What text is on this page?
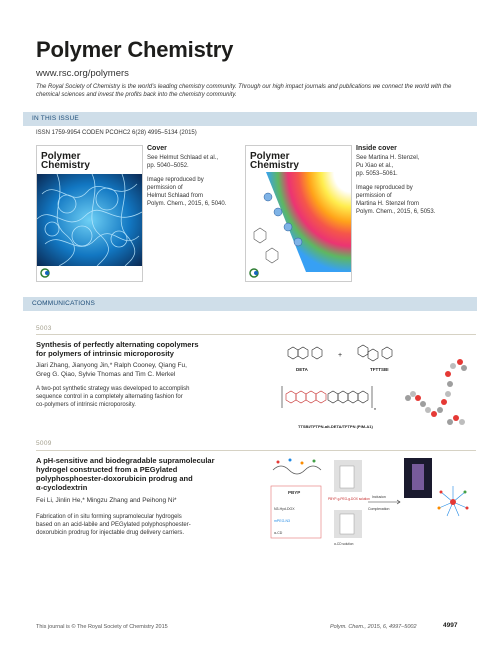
Polymer Chemistry
www.rsc.org/polymers
The Royal Society of Chemistry is the world’s leading chemistry community. Through our high impact journals and publications we connect the world with the chemical sciences and invest the profits back into the chemistry community.
IN THIS ISSUE
ISSN 1759-9954 CODEN PCOHC2 6(28) 4995–5134 (2015)
Polymer
Chemistry
Cover
See Helmut Schlaad et al.,
pp. 5040–5052.
Image reproduced by
permission of
Helmut Schlaad from
Polym. Chem., 2015, 6, 5040.
Polymer
Chemistry
Inside cover
See Martina H. Stenzel,
Pu Xiao et al.,
pp. 5053–5061.
Image reproduced by
permission of
Martina H. Stenzel from
Polym. Chem., 2015, 6, 5053.
COMMUNICATIONS
5003
Synthesis of perfectly alternating copolymers
for polymers of intrinsic microporosity
Jiari Zhang, Jianyong Jin,* Ralph Cooney, Qiang Fu,
Greg G. Qiao, Sylvie Thomas and Tim C. Merkel
A two-pot synthetic strategy was developed to accomplish
sequence control in a completely alternating fashion for
co-polymers of intrinsic microporosity.
+
DETA	TFTTSBI
n
TTSBI/TFTPN-alt-DETA/TFTPN (PIM-A1)
5009
A pH-sensitive and biodegradable supramolecular
hydrogel constructed from a PEGylated
polyphosphoester-doxorubicin prodrug and
α-cyclodextrin
Fei Li, Jinlin He,* Mingzu Zhang and Peihong Ni*
Fabrication of in situ forming supramolecular hydrogels
based on an acid-labile and PEGylated polyphosphoester-
doxorubicin prodrug for injectable drug delivery carriers.
PBYP
N3-Hyd-DOX
mPEG-N3
α-CD
PBYP-g-PEG-g-DOX solution
α-CD solution
Inclusion
Complexation
This journal is © The Royal Society of Chemistry 2015	Polym. Chem., 2015, 6, 4997–5002	4997
